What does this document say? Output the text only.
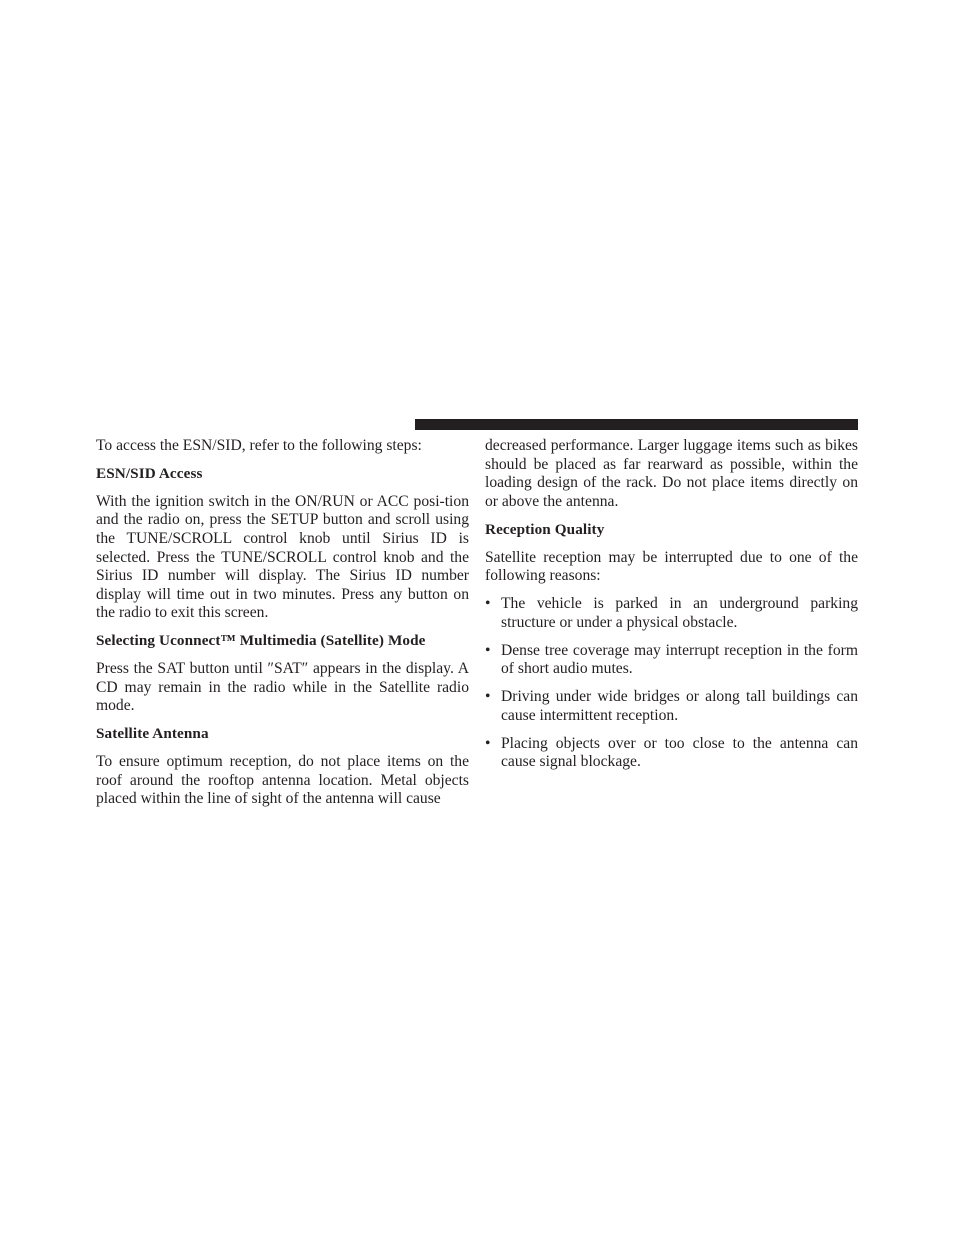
To access the ESN/SID, refer to the following steps:

ESN/SID Access

With the ignition switch in the ON/RUN or ACC posi-tion and the radio on, press the SETUP button and scroll using the TUNE/SCROLL control knob until Sirius ID is selected. Press the TUNE/SCROLL control knob and the Sirius ID number will display. The Sirius ID number display will time out in two minutes. Press any button on the radio to exit this screen.

Selecting Uconnect™ Multimedia (Satellite) Mode

Press the SAT button until ″SAT″ appears in the display. A CD may remain in the radio while in the Satellite radio mode.

Satellite Antenna

To ensure optimum reception, do not place items on the roof around the rooftop antenna location. Metal objects placed within the line of sight of the antenna will cause

decreased performance. Larger luggage items such as bikes should be placed as far rearward as possible, within the loading design of the rack. Do not place items directly on or above the antenna.

Reception Quality

Satellite reception may be interrupted due to one of the following reasons:

• The vehicle is parked in an underground parking structure or under a physical obstacle.
• Dense tree coverage may interrupt reception in the form of short audio mutes.
• Driving under wide bridges or along tall buildings can cause intermittent reception.
• Placing objects over or too close to the antenna can cause signal blockage.
